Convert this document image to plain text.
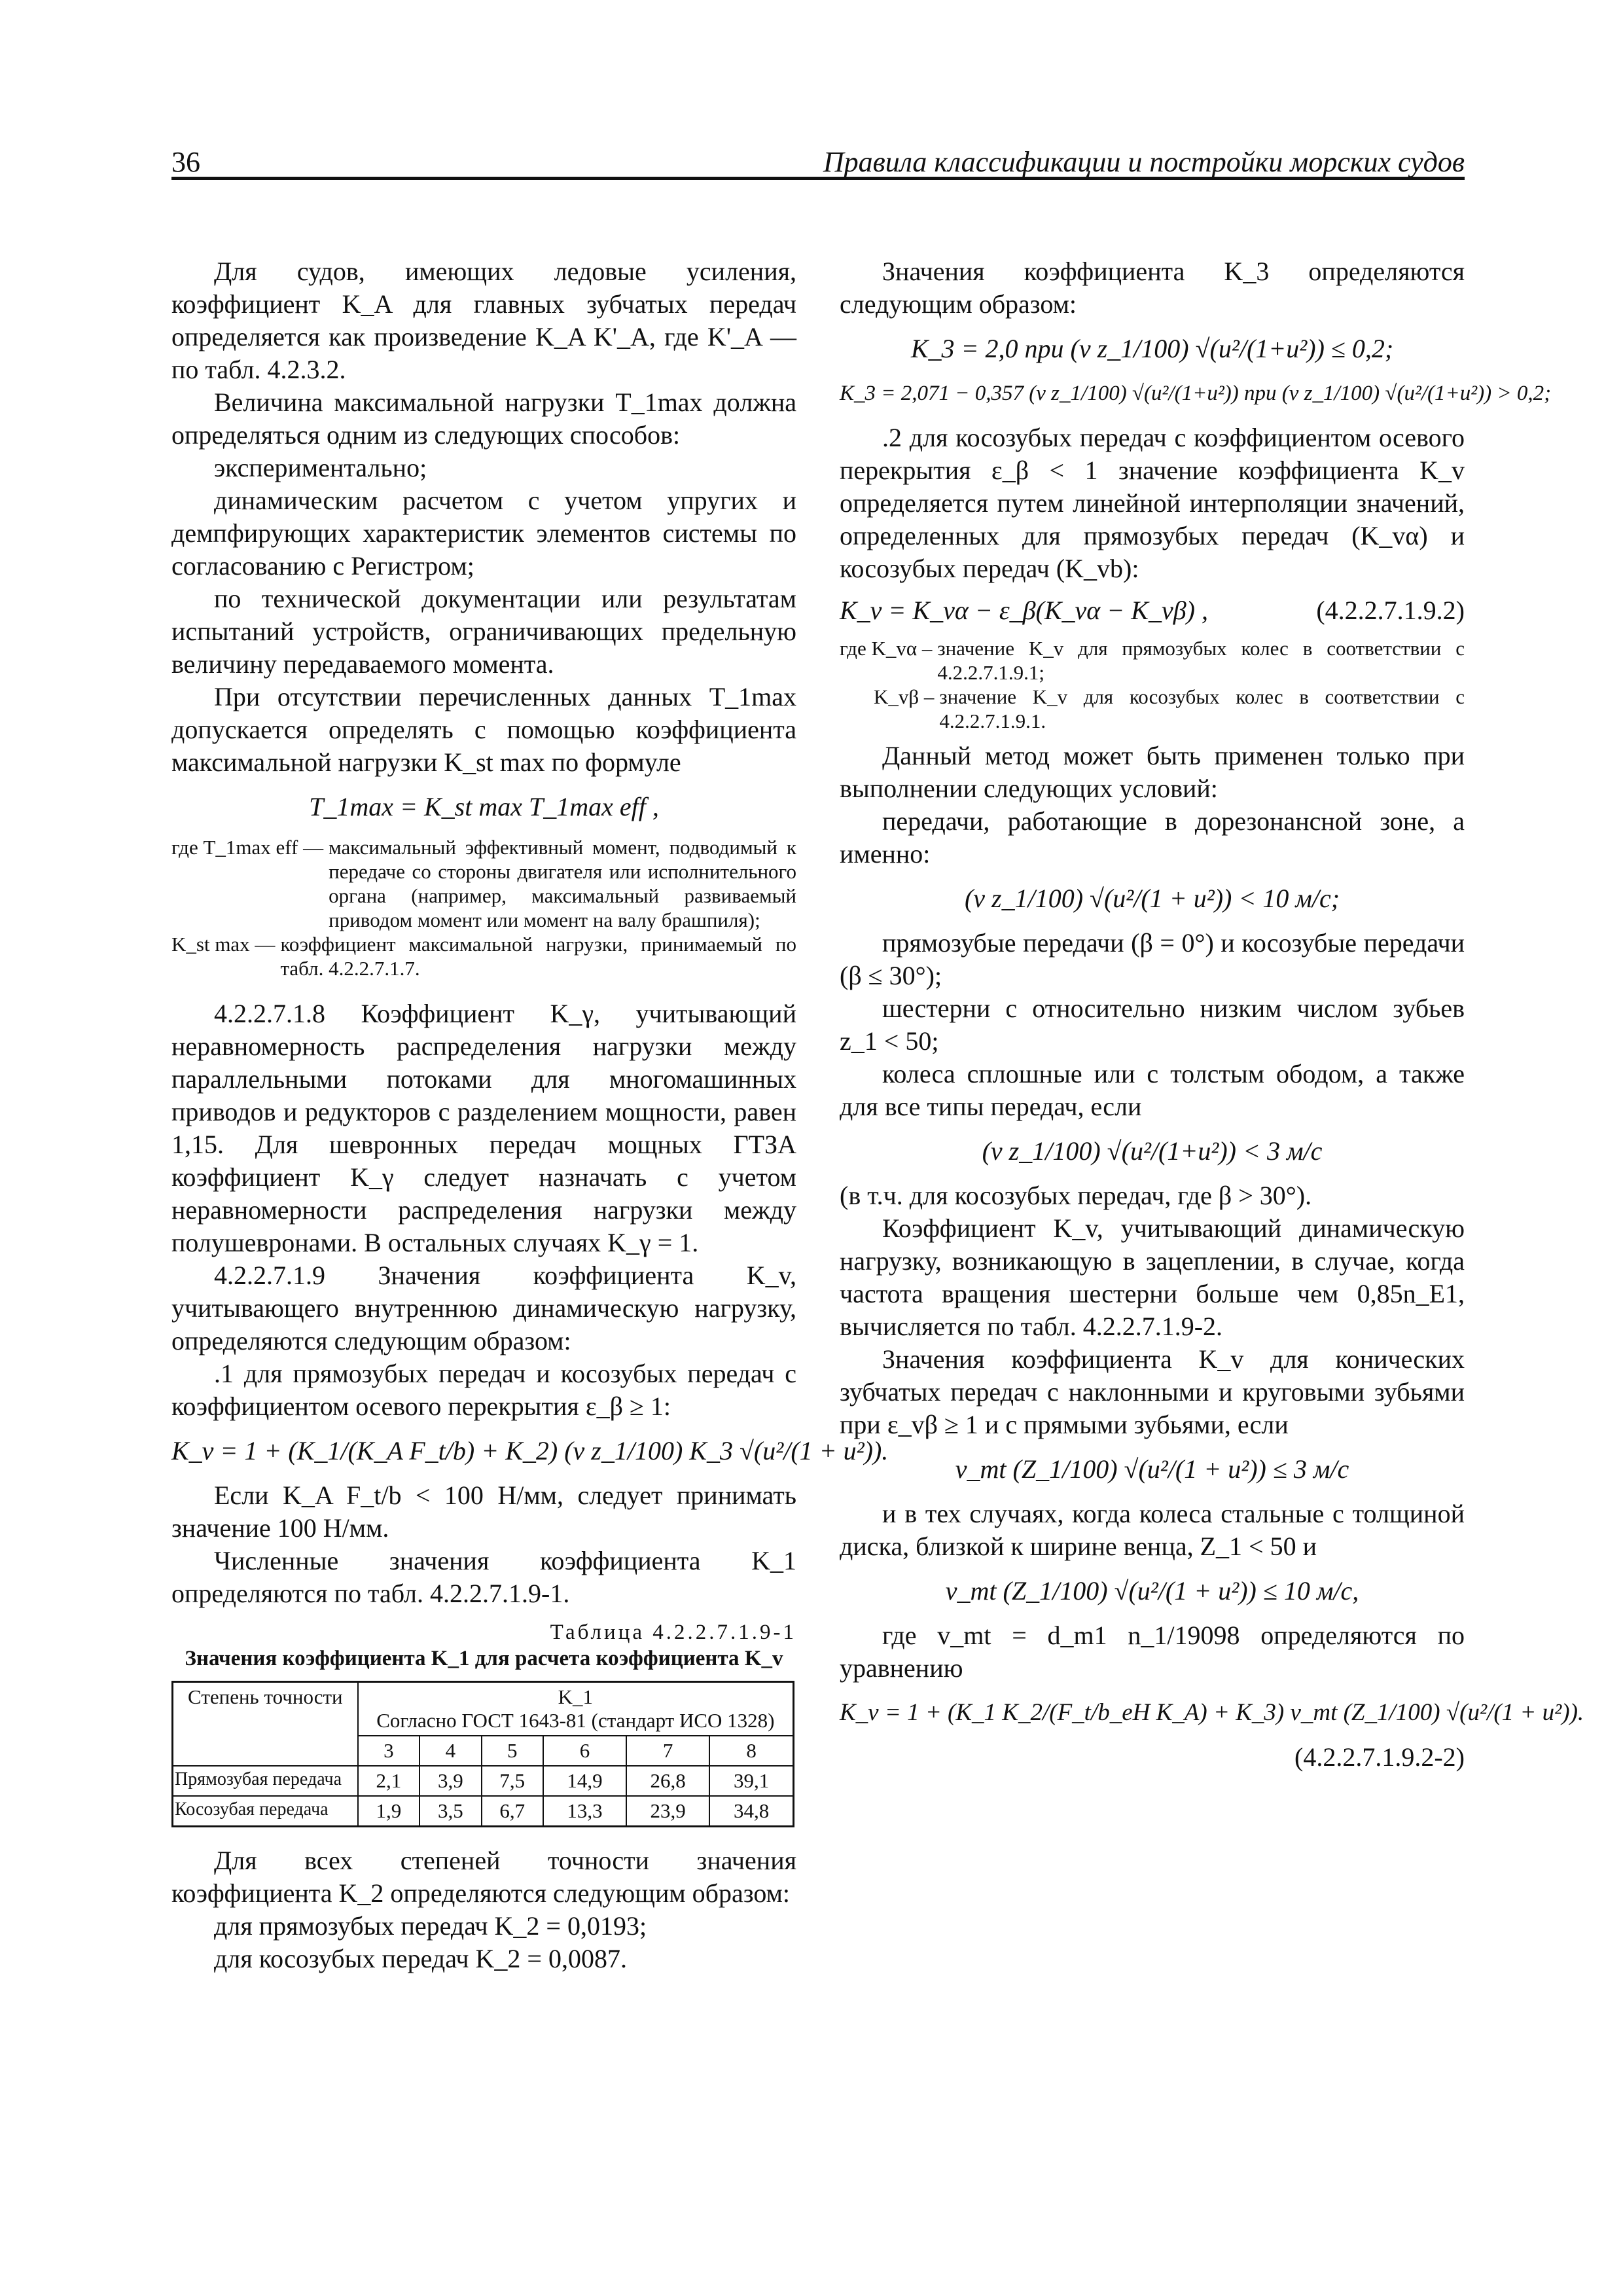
36	Правила классификации и постройки морских судов

Для судов, имеющих ледовые усиления, коэффициент K_A для главных зубчатых передач определяется как произведение K_A K'_A, где K'_A — по табл. 4.2.3.2.

Величина максимальной нагрузки T_1max должна определяться одним из следующих способов:

экспериментально;

динамическим расчетом с учетом упругих и демпфирующих характеристик элементов системы по согласованию с Регистром;

по технической документации или результатам испытаний устройств, ограничивающих предельную величину передаваемого момента.

При отсутствии перечисленных данных T_1max допускается определять с помощью коэффициента максимальной нагрузки K_st max по формуле

T_1max = K_st max T_1max eff ,
где T_1max eff — максимальный эффективный момент, подводимый к передаче со стороны двигателя или исполнительного органа (например, максимальный развиваемый приводом момент или момент на валу брашпиля);
K_st max — коэффициент максимальной нагрузки, принимаемый по табл. 4.2.2.7.1.7.

4.2.2.7.1.8 Коэффициент K_γ, учитывающий неравномерность распределения нагрузки между параллельными потоками для многомашинных приводов и редукторов с разделением мощности, равен 1,15. Для шевронных передач мощных ГТЗА коэффициент K_γ следует назначать с учетом неравномерности распределения нагрузки между полушевронами. В остальных случаях K_γ = 1.

4.2.2.7.1.9 Значения коэффициента K_v, учитывающего внутреннюю динамическую нагрузку, определяются следующим образом:

.1 для прямозубых передач и косозубых передач с коэффициентом осевого перекрытия ε_β ≥ 1:

K_v = 1 + (K_1/(K_A F_t/b) + K_2) (v z_1/100) K_3 √(u²/(1 + u²)).

Если K_A F_t/b < 100 Н/мм, следует принимать значение 100 Н/мм.

Численные значения коэффициента K_1 определяются по табл. 4.2.2.7.1.9-1.

Таблица 4.2.2.7.1.9-1
Значения коэффициента K_1 для расчета коэффициента K_v
Степень точности	K_1
Согласно ГОСТ 1643-81 (стандарт ИСО 1328)					
	3	4	5	6	7	8
Прямозубая передача	2,1	3,9	7,5	14,9	26,8	39,1
Косозубая передача	1,9	3,5	6,7	13,3	23,9	34,8

Для всех степеней точности значения коэффициента K_2 определяются следующим образом:

для прямозубых передач K_2 = 0,0193;

для косозубых передач K_2 = 0,0087.

Значения коэффициента K_3 определяются следующим образом:

K_3 = 2,0 при (v z_1/100) √(u²/(1+u²)) ≤ 0,2;
K_3 = 2,071 − 0,357 (v z_1/100) √(u²/(1+u²)) при (v z_1/100) √(u²/(1+u²)) > 0,2;

.2 для косозубых передач с коэффициентом осевого перекрытия ε_β < 1 значение коэффициента K_v определяется путем линейной интерполяции значений, определенных для прямозубых передач (K_vα) и косозубых передач (K_vb):

K_v = K_vα − ε_β(K_vα − K_vβ) ,	(4.2.2.7.1.9.2)
где K_vα – значение K_v для прямозубых колес в соответствии с 4.2.2.7.1.9.1;
K_vβ – значение K_v для косозубых колес в соответствии с 4.2.2.7.1.9.1.

Данный метод может быть применен только при выполнении следующих условий:

передачи, работающие в дорезонансной зоне, а именно:

(v z_1/100) √(u²/(1 + u²)) < 10 м/с;

прямозубые передачи (β = 0°) и косозубые передачи (β ≤ 30°);

шестерни с относительно низким числом зубьев z_1 < 50;

колеса сплошные или с толстым ободом, а также для все типы передач, если

(v z_1/100) √(u²/(1+u²)) < 3 м/с

(в т.ч. для косозубых передач, где β > 30°).

Коэффициент K_v, учитывающий динамическую нагрузку, возникающую в зацеплении, в случае, когда частота вращения шестерни больше чем 0,85n_E1, вычисляется по табл. 4.2.2.7.1.9-2.

Значения коэффициента K_v для конических зубчатых передач с наклонными и круговыми зубьями при ε_vβ ≥ 1 и с прямыми зубьями, если

v_mt (Z_1/100) √(u²/(1 + u²)) ≤ 3 м/с

и в тех случаях, когда колеса стальные с толщиной диска, близкой к ширине венца, Z_1 < 50 и

v_mt (Z_1/100) √(u²/(1 + u²)) ≤ 10 м/с,

где v_mt = d_m1 n_1/19098 определяются по уравнению

K_v = 1 + (K_1 K_2/(F_t/b_eH K_A) + K_3) v_mt (Z_1/100) √(u²/(1 + u²)).
(4.2.2.7.1.9.2-2)
